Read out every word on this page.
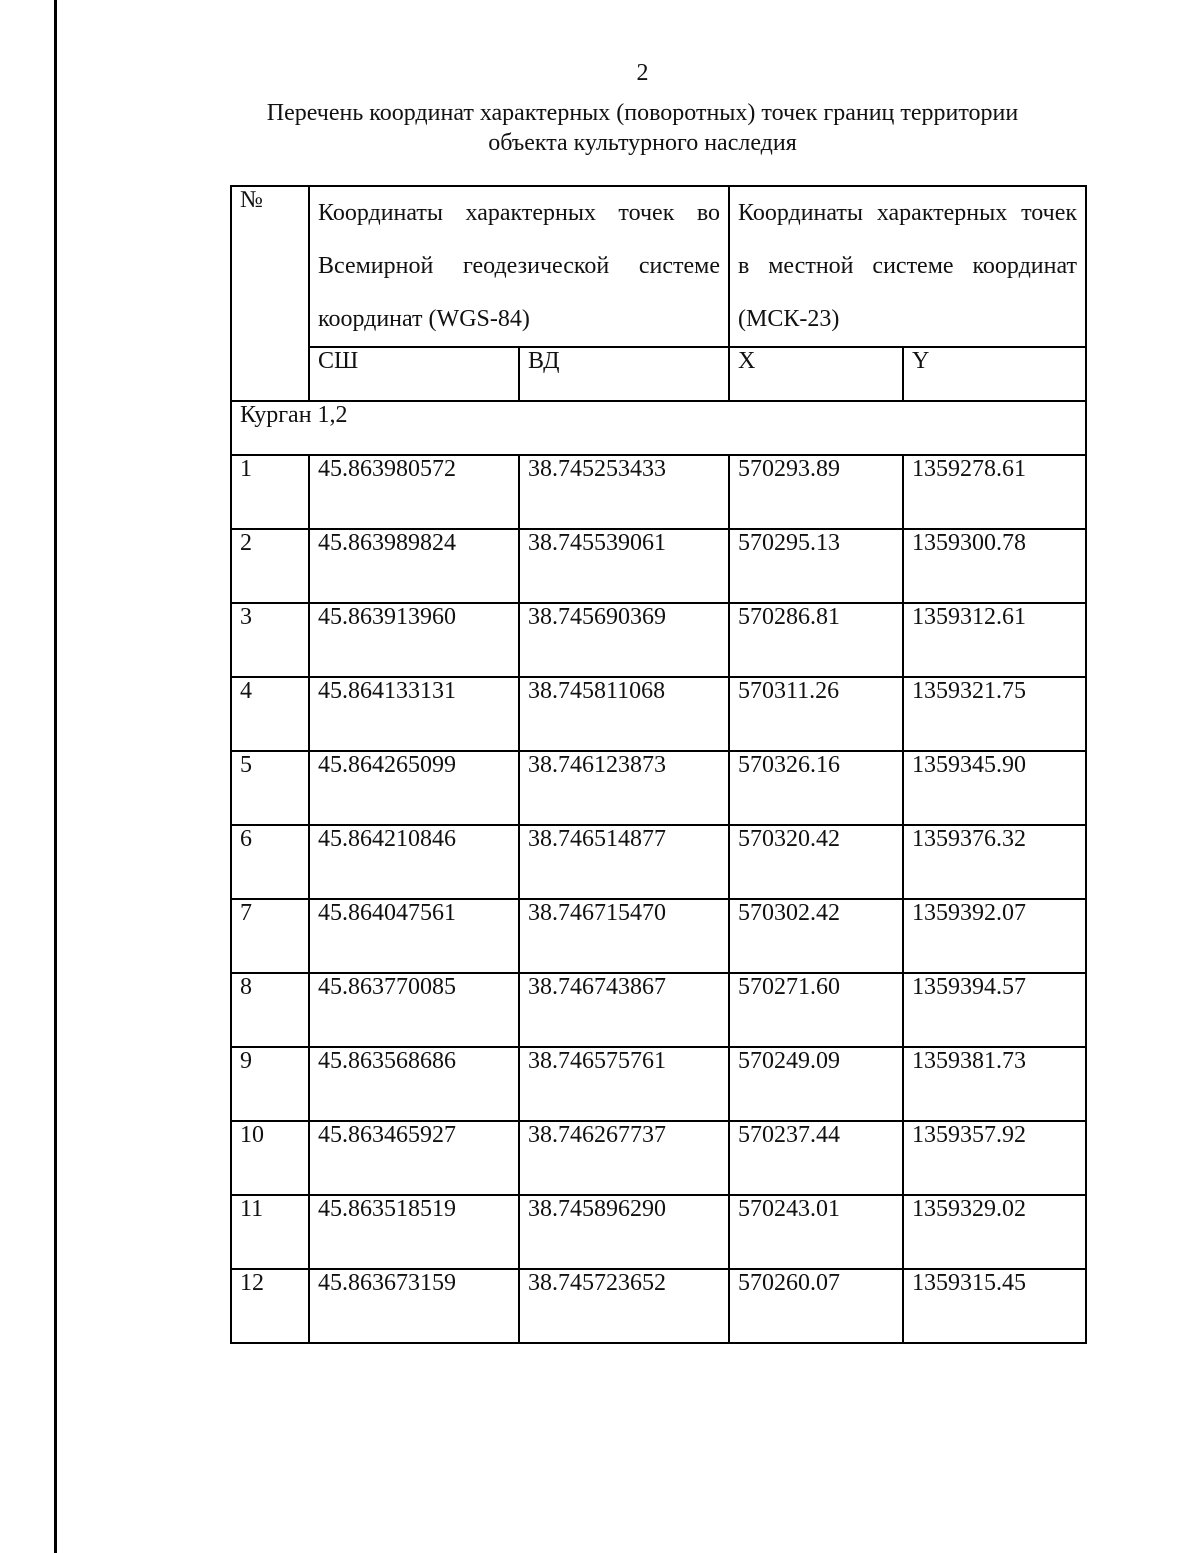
2
Перечень координат характерных (поворотных) точек границ территории
объекта культурного наследия
№	Координаты характерных точек во Всемирной геодезической системе координат (WGS-84)		Координаты характерных точек в местной системе координат (МСК-23)	
	СШ	ВД	X	Y
Курган 1,2				
1	45.863980572	38.745253433	570293.89	1359278.61
2	45.863989824	38.745539061	570295.13	1359300.78
3	45.863913960	38.745690369	570286.81	1359312.61
4	45.864133131	38.745811068	570311.26	1359321.75
5	45.864265099	38.746123873	570326.16	1359345.90
6	45.864210846	38.746514877	570320.42	1359376.32
7	45.864047561	38.746715470	570302.42	1359392.07
8	45.863770085	38.746743867	570271.60	1359394.57
9	45.863568686	38.746575761	570249.09	1359381.73
10	45.863465927	38.746267737	570237.44	1359357.92
11	45.863518519	38.745896290	570243.01	1359329.02
12	45.863673159	38.745723652	570260.07	1359315.45
